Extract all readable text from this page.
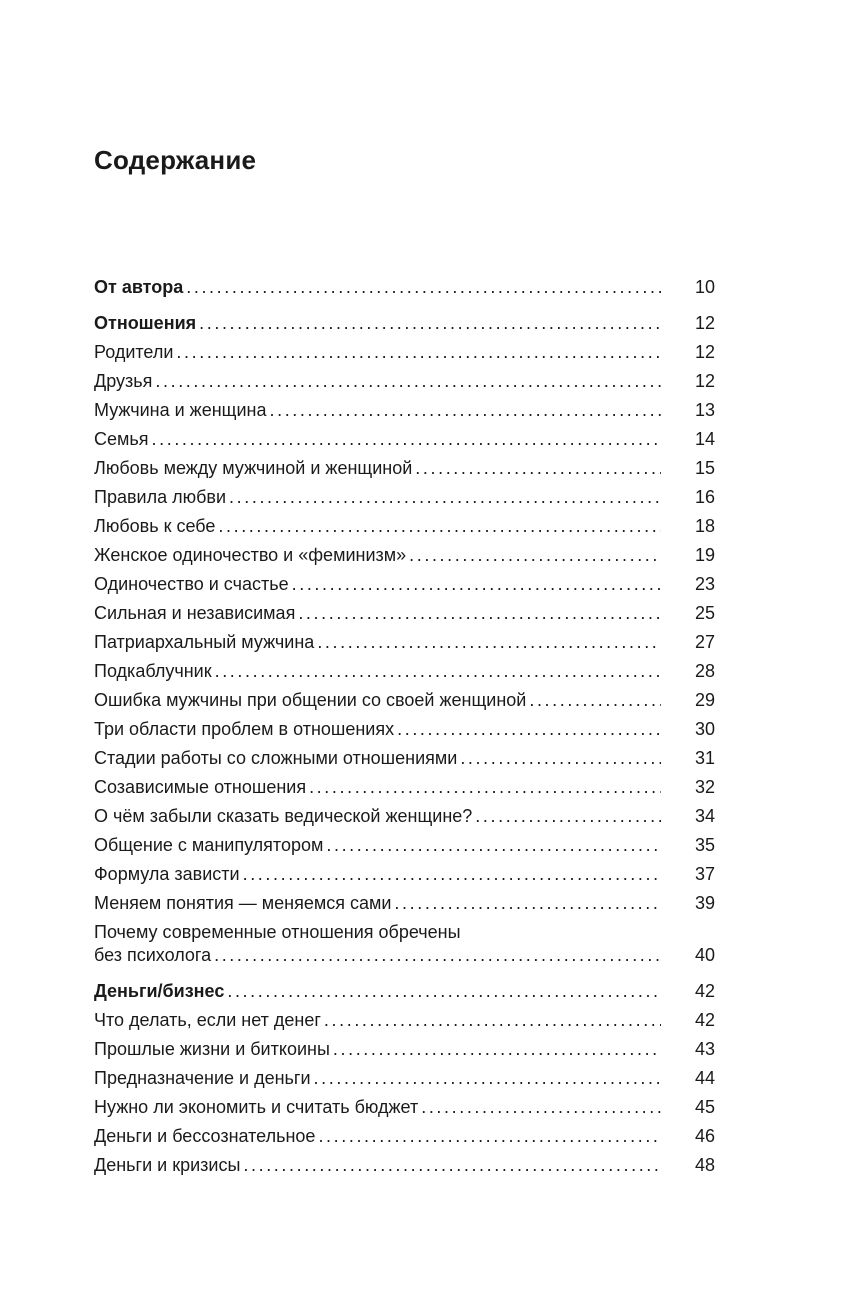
Содержание
От автора . . .	10
Отношения . . .	12
Родители . . .	12
Друзья . . .	12
Мужчина и женщина . . .	13
Семья . . .	14
Любовь между мужчиной и женщиной . . .	15
Правила любви . . .	16
Любовь к себе . . .	18
Женское одиночество и «феминизм» . . .	19
Одиночество и счастье . . .	23
Сильная и независимая . . .	25
Патриархальный мужчина . . .	27
Подкаблучник . . .	28
Ошибка мужчины при общении со своей женщиной . . .	29
Три области проблем в отношениях . . .	30
Стадии работы со сложными отношениями . . .	31
Созависимые отношения . . .	32
О чём забыли сказать ведической женщине? . . .	34
Общение с манипулятором . . .	35
Формула зависти . . .	37
Меняем понятия — меняемся сами . . .	39
Почему современные отношения обречены
без психолога . . .	40
Деньги/бизнес . . .	42
Что делать, если нет денег . . .	42
Прошлые жизни и биткоины . . .	43
Предназначение и деньги . . .	44
Нужно ли экономить и считать бюджет . . .	45
Деньги и бессознательное . . .	46
Деньги и кризисы . . .	48
